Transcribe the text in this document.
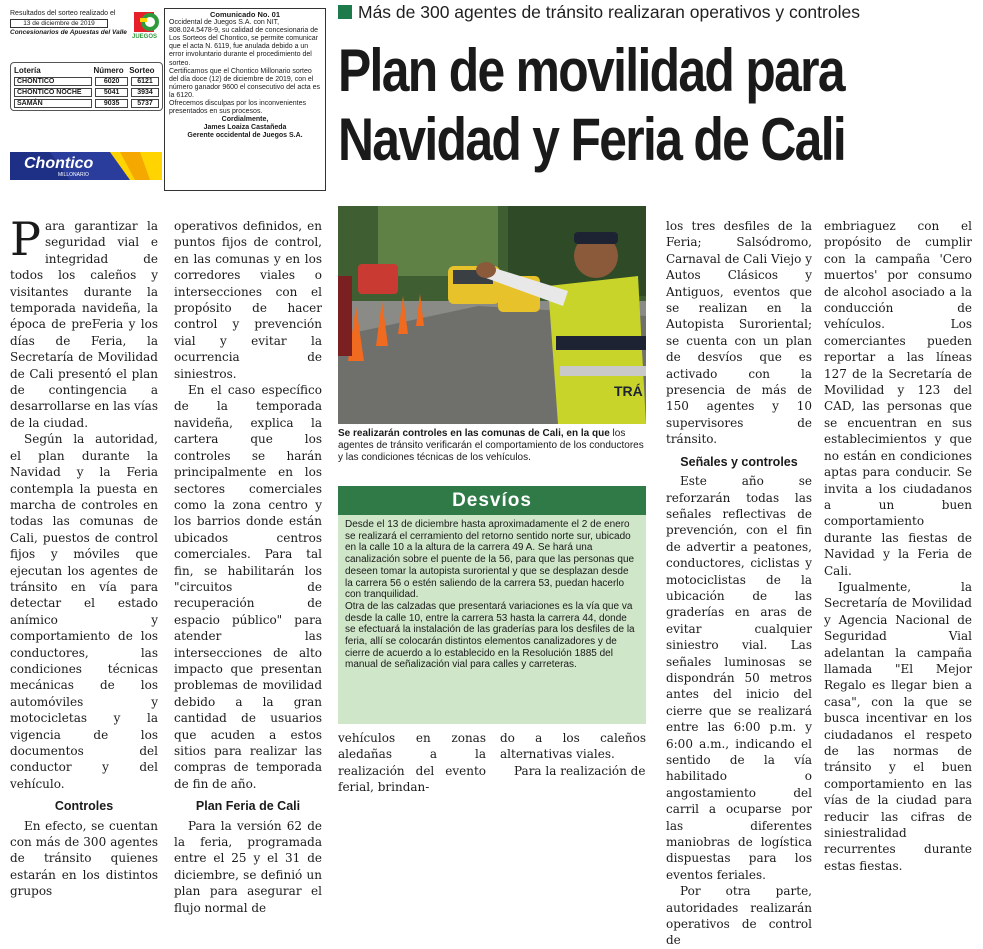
Resultados del sorteo realizado el
13 de diciembre de 2019
Concesionarios de Apuestas del Valle
JUEGOS
Lotería	Número Sorteo
CHONTICO	6020	6121
CHONTICO NOCHE	5041	3934
SAMÁN	9035	5737
Chontico
MILLONARIO
Comunicado No. 01
Occidental de Juegos S.A. con NIT, 808.024.5478-9, su calidad de concesionaria de Los Sorteos del Chontico, se permite comunicar que el acta N. 6119, fue anulada debido a un error involuntario durante el procedimiento del sorteo.
Certificamos que el Chontico Millonario sorteo del día doce (12) de diciembre de 2019, con el número ganador 9600 el consecutivo del acta es la 6120.
Ofrecemos disculpas por los inconvenientes presentados en sus procesos.
Cordialmente,
James Loaiza Castañeda
Gerente occidental de Juegos S.A.
Más de 300 agentes de tránsito realizaran operativos y controles
Plan de movilidad para
Navidad y Feria de Cali

Para garantizar la seguridad vial e integridad de todos los caleños y visitantes durante la temporada navideña, la época de preFeria y los días de Feria, la Secretaría de Movilidad de Cali presentó el plan de contingencia a desarrollarse en las vías de la ciudad.

Según la autoridad, el plan durante la Navidad y la Feria contempla la puesta en marcha de controles en todas las comunas de Cali, puestos de control fijos y móviles que ejecutan los agentes de tránsito en vía para detectar el estado anímico y comportamiento de los conductores, las condiciones técnicas mecánicas de los automóviles y motocicletas y la vigencia de los documentos del conductor y del vehículo.

Controles

En efecto, se cuentan con más de 300 agentes de tránsito quienes estarán en los distintos grupos

operativos definidos, en puntos fijos de control, en las comunas y en los corredores viales o intersecciones con el propósito de hacer control y prevención vial y evitar la ocurrencia de siniestros.

En el caso específico de la temporada navideña, explica la cartera que los controles se harán principalmente en los sectores comerciales como la zona centro y los barrios donde están ubicados centros comerciales. Para tal fin, se habilitarán los "circuitos de recuperación de espacio público" para atender las intersecciones de alto impacto que presentan problemas de movilidad debido a la gran cantidad de usuarios que acuden a estos sitios para realizar las compras de temporada de fin de año.

Plan Feria de Cali

Para la versión 62 de la feria, programada entre el 25 y el 31 de diciembre, se definió un plan para asegurar el flujo normal de

TRÁ
Se realizarán controles en las comunas de Cali, en la que los agentes de tránsito verificarán el comportamiento de los conductores y las condiciones técnicas de los vehículos.
Desvíos
Desde el 13 de diciembre hasta aproximadamente el 2 de enero se realizará el cerramiento del retorno sentido norte sur, ubicado en la calle 10 a la altura de la carrera 49 A. Se hará una canalización sobre el puente de la 56, para que las personas que deseen tomar la autopista suroriental y que se desplazan desde la carrera 56 o estén saliendo de la carrera 53, puedan hacerlo con tranquilidad.
Otra de las calzadas que presentará variaciones es la vía que va desde la calle 10, entre la carrera 53 hasta la carrera 44, donde se efectuará la instalación de las graderías para los desfiles de la feria, allí se colocarán distintos elementos canalizadores y de cierre de acuerdo a lo establecido en la Resolución 1885 del manual de señalización vial para calles y carreteras.

vehículos en zonas aledañas a la realización del evento ferial, brindan-

do a los caleños alternativas viales.

Para la realización de

los tres desfiles de la Feria; Salsódromo, Carnaval de Cali Viejo y Autos Clásicos y Antiguos, eventos que se realizan en la Autopista Suroriental; se cuenta con un plan de desvíos que es activado con la presencia de más de 150 agentes y 10 supervisores de tránsito.

Señales y controles

Este año se reforzarán todas las señales reflectivas de prevención, con el fin de advertir a peatones, conductores, ciclistas y motociclistas de la ubicación de las graderías en aras de evitar cualquier siniestro vial. Las señales luminosas se dispondrán 50 metros antes del inicio del cierre que se realizará entre las 6:00 p.m. y 6:00 a.m., indicando el sentido de la vía habilitado o angostamiento del carril a ocuparse por las diferentes maniobras de logística dispuestas para los eventos feriales.

Por otra parte, autoridades realizarán operativos de control de

embriaguez con el propósito de cumplir con la campaña 'Cero muertos' por consumo de alcohol asociado a la conducción de vehículos. Los comerciantes pueden reportar a las líneas 127 de la Secretaría de Movilidad y 123 del CAD, las personas que se encuentran en sus establecimientos y que no están en condiciones aptas para conducir. Se invita a los ciudadanos a un buen comportamiento durante las fiestas de Navidad y la Feria de Cali.

Igualmente, la Secretaría de Movilidad y Agencia Nacional de Seguridad Vial adelantan la campaña llamada "El Mejor Regalo es llegar bien a casa", con la que se busca incentivar en los ciudadanos el respeto de las normas de tránsito y el buen comportamiento en las vías de la ciudad para reducir las cifras de siniestralidad recurrentes durante estas fiestas.
